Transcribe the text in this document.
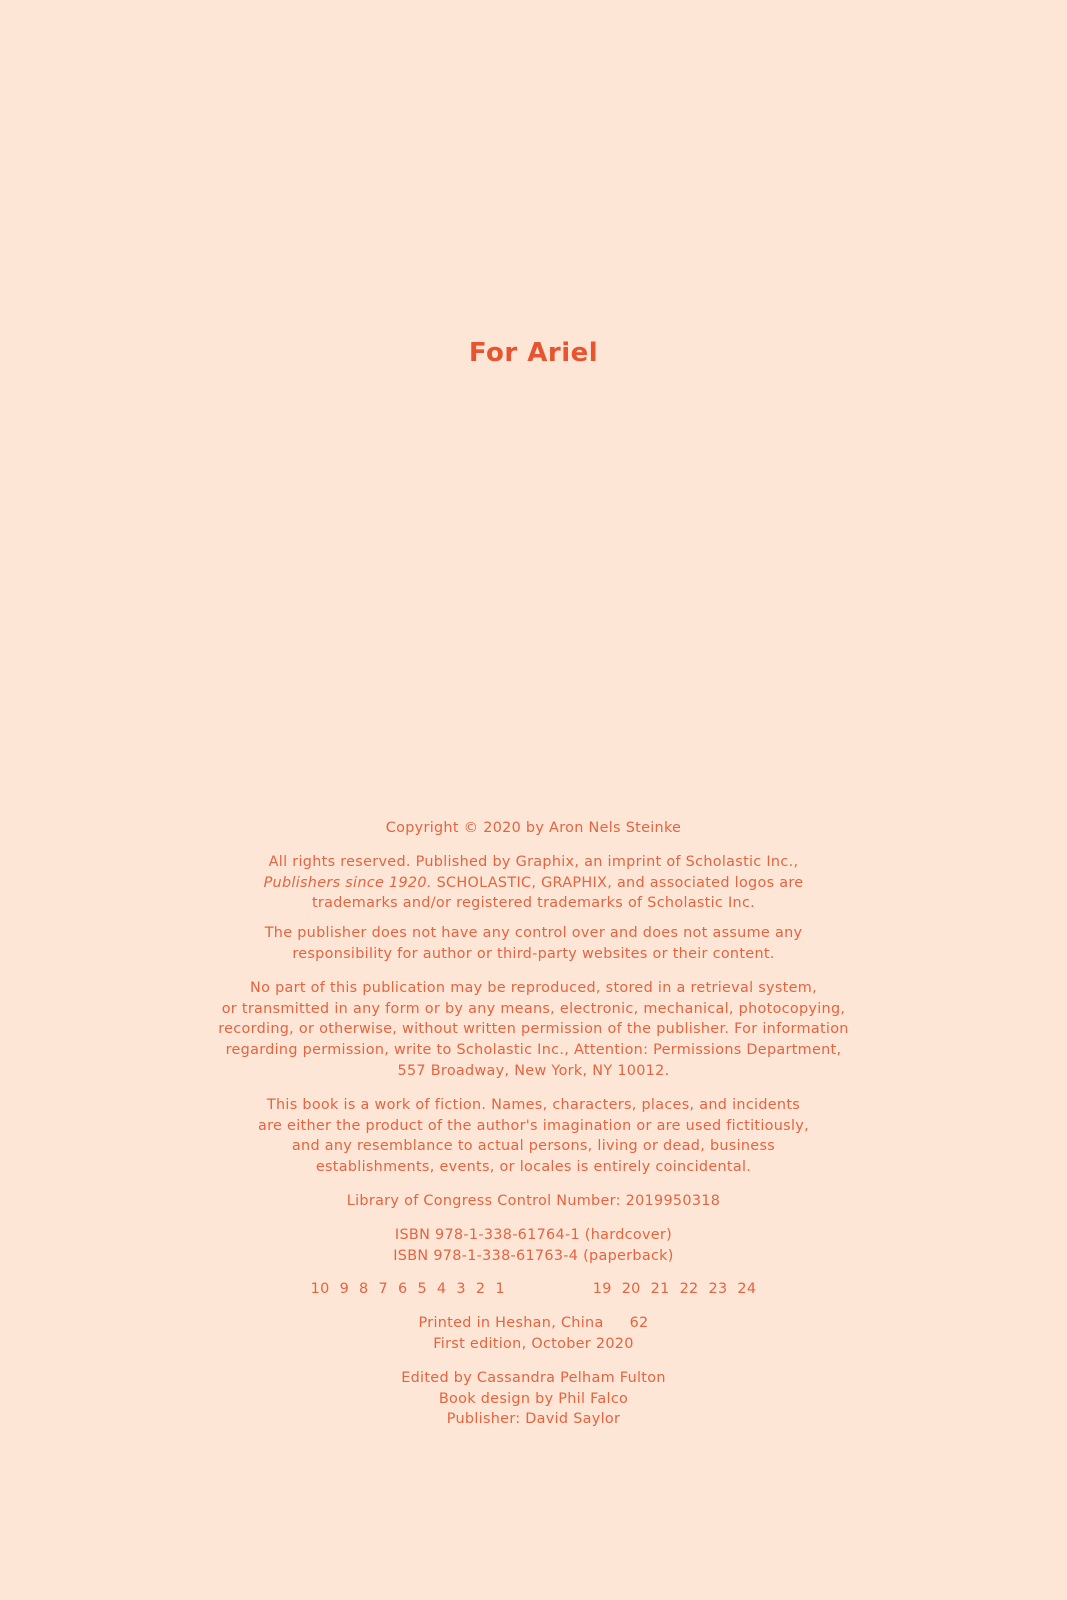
For Ariel
Copyright © 2020 by Aron Nels Steinke
All rights reserved. Published by Graphix, an imprint of Scholastic Inc.,
Publishers since 1920. SCHOLASTIC, GRAPHIX, and associated logos are
trademarks and/or registered trademarks of Scholastic Inc.
The publisher does not have any control over and does not assume any
responsibility for author or third-party websites or their content.
No part of this publication may be reproduced, stored in a retrieval system,
or transmitted in any form or by any means, electronic, mechanical, photocopying,
recording, or otherwise, without written permission of the publisher. For information
regarding permission, write to Scholastic Inc., Attention: Permissions Department,
557 Broadway, New York, NY 10012.
This book is a work of fiction. Names, characters, places, and incidents
are either the product of the author's imagination or are used fictitiously,
and any resemblance to actual persons, living or dead, business
establishments, events, or locales is entirely coincidental.
Library of Congress Control Number: 2019950318
ISBN 978-1-338-61764-1 (hardcover)
ISBN 978-1-338-61763-4 (paperback)
10 9 8 7 6 5 4 3 2 1	19 20 21 22 23 24
Printed in Heshan, China 62
First edition, October 2020
Edited by Cassandra Pelham Fulton
Book design by Phil Falco
Publisher: David Saylor
